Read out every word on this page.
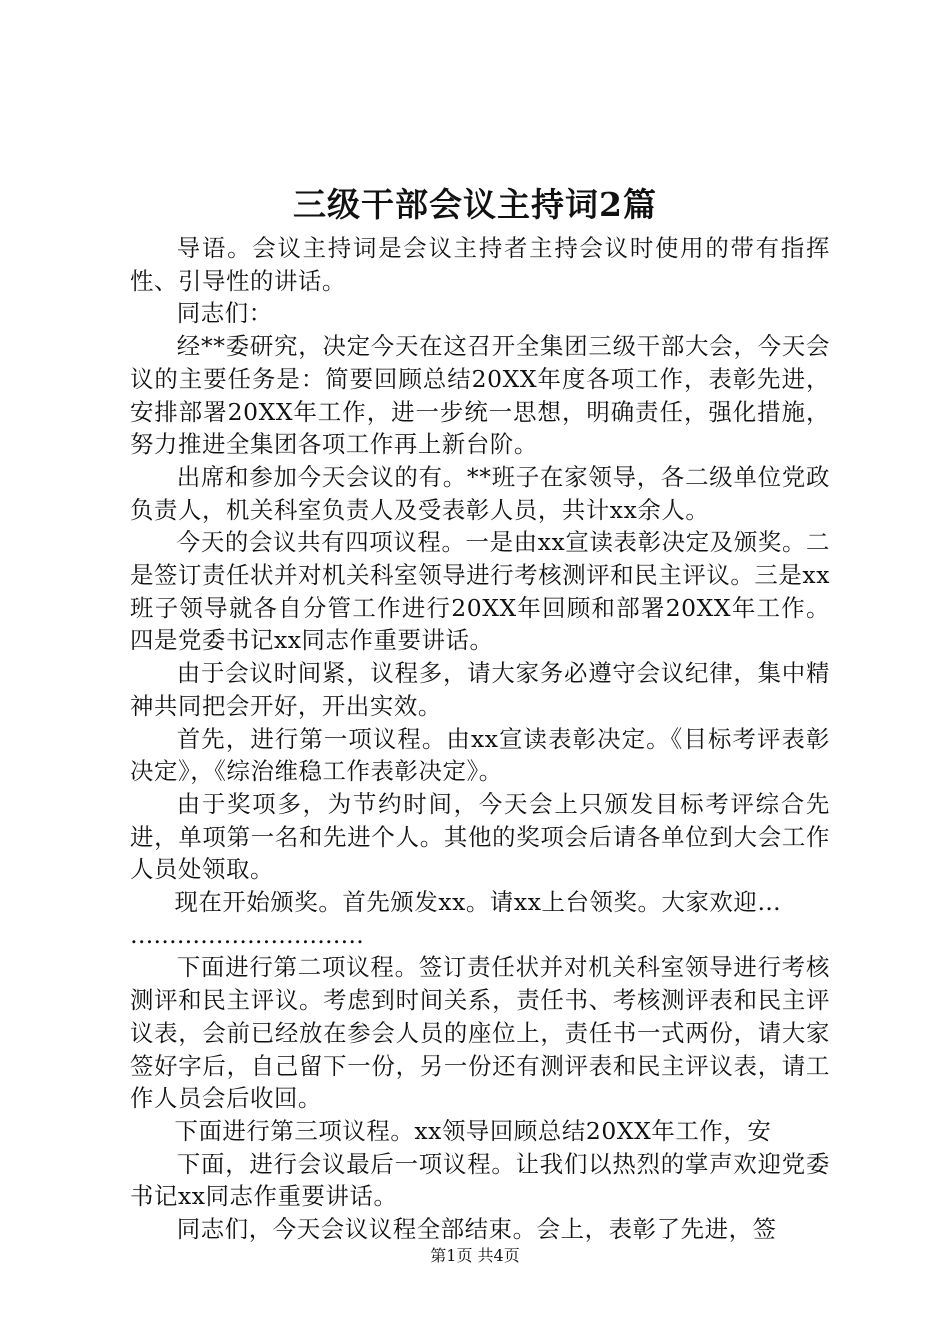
三级干部会议主持词2篇

导语。会议主持词是会议主持者主持会议时使用的带有指挥性、引导性的讲话。

同志们：

经**委研究，决定今天在这召开全集团三级干部大会，今天会议的主要任务是：简要回顾总结20XX年度各项工作，表彰先进，安排部署20XX年工作，进一步统一思想，明确责任，强化措施，努力推进全集团各项工作再上新台阶。

出席和参加今天会议的有。**班子在家领导，各二级单位党政负责人，机关科室负责人及受表彰人员，共计xx余人。

今天的会议共有四项议程。一是由xx宣读表彰决定及颁奖。二是签订责任状并对机关科室领导进行考核测评和民主评议。三是xx班子领导就各自分管工作进行20XX年回顾和部署20XX年工作。四是党委书记xx同志作重要讲话。

由于会议时间紧，议程多，请大家务必遵守会议纪律，集中精神共同把会开好，开出实效。

首先，进行第一项议程。由xx宣读表彰决定。《目标考评表彰决定》，《综治维稳工作表彰决定》。

由于奖项多，为节约时间，今天会上只颁发目标考评综合先进，单项第一名和先进个人。其他的奖项会后请各单位到大会工作人员处领取。

现在开始颁奖。首先颁发xx。请xx上台领奖。大家欢迎…

…………………………

下面进行第二项议程。签订责任状并对机关科室领导进行考核测评和民主评议。考虑到时间关系，责任书、考核测评表和民主评议表，会前已经放在参会人员的座位上，责任书一式两份，请大家签好字后，自己留下一份，另一份还有测评表和民主评议表，请工作人员会后收回。

下面进行第三项议程。xx领导回顾总结20XX年工作，安

下面，进行会议最后一项议程。让我们以热烈的掌声欢迎党委书记xx同志作重要讲话。

同志们，今天会议议程全部结束。会上，表彰了先进，签

第1页 共4页
